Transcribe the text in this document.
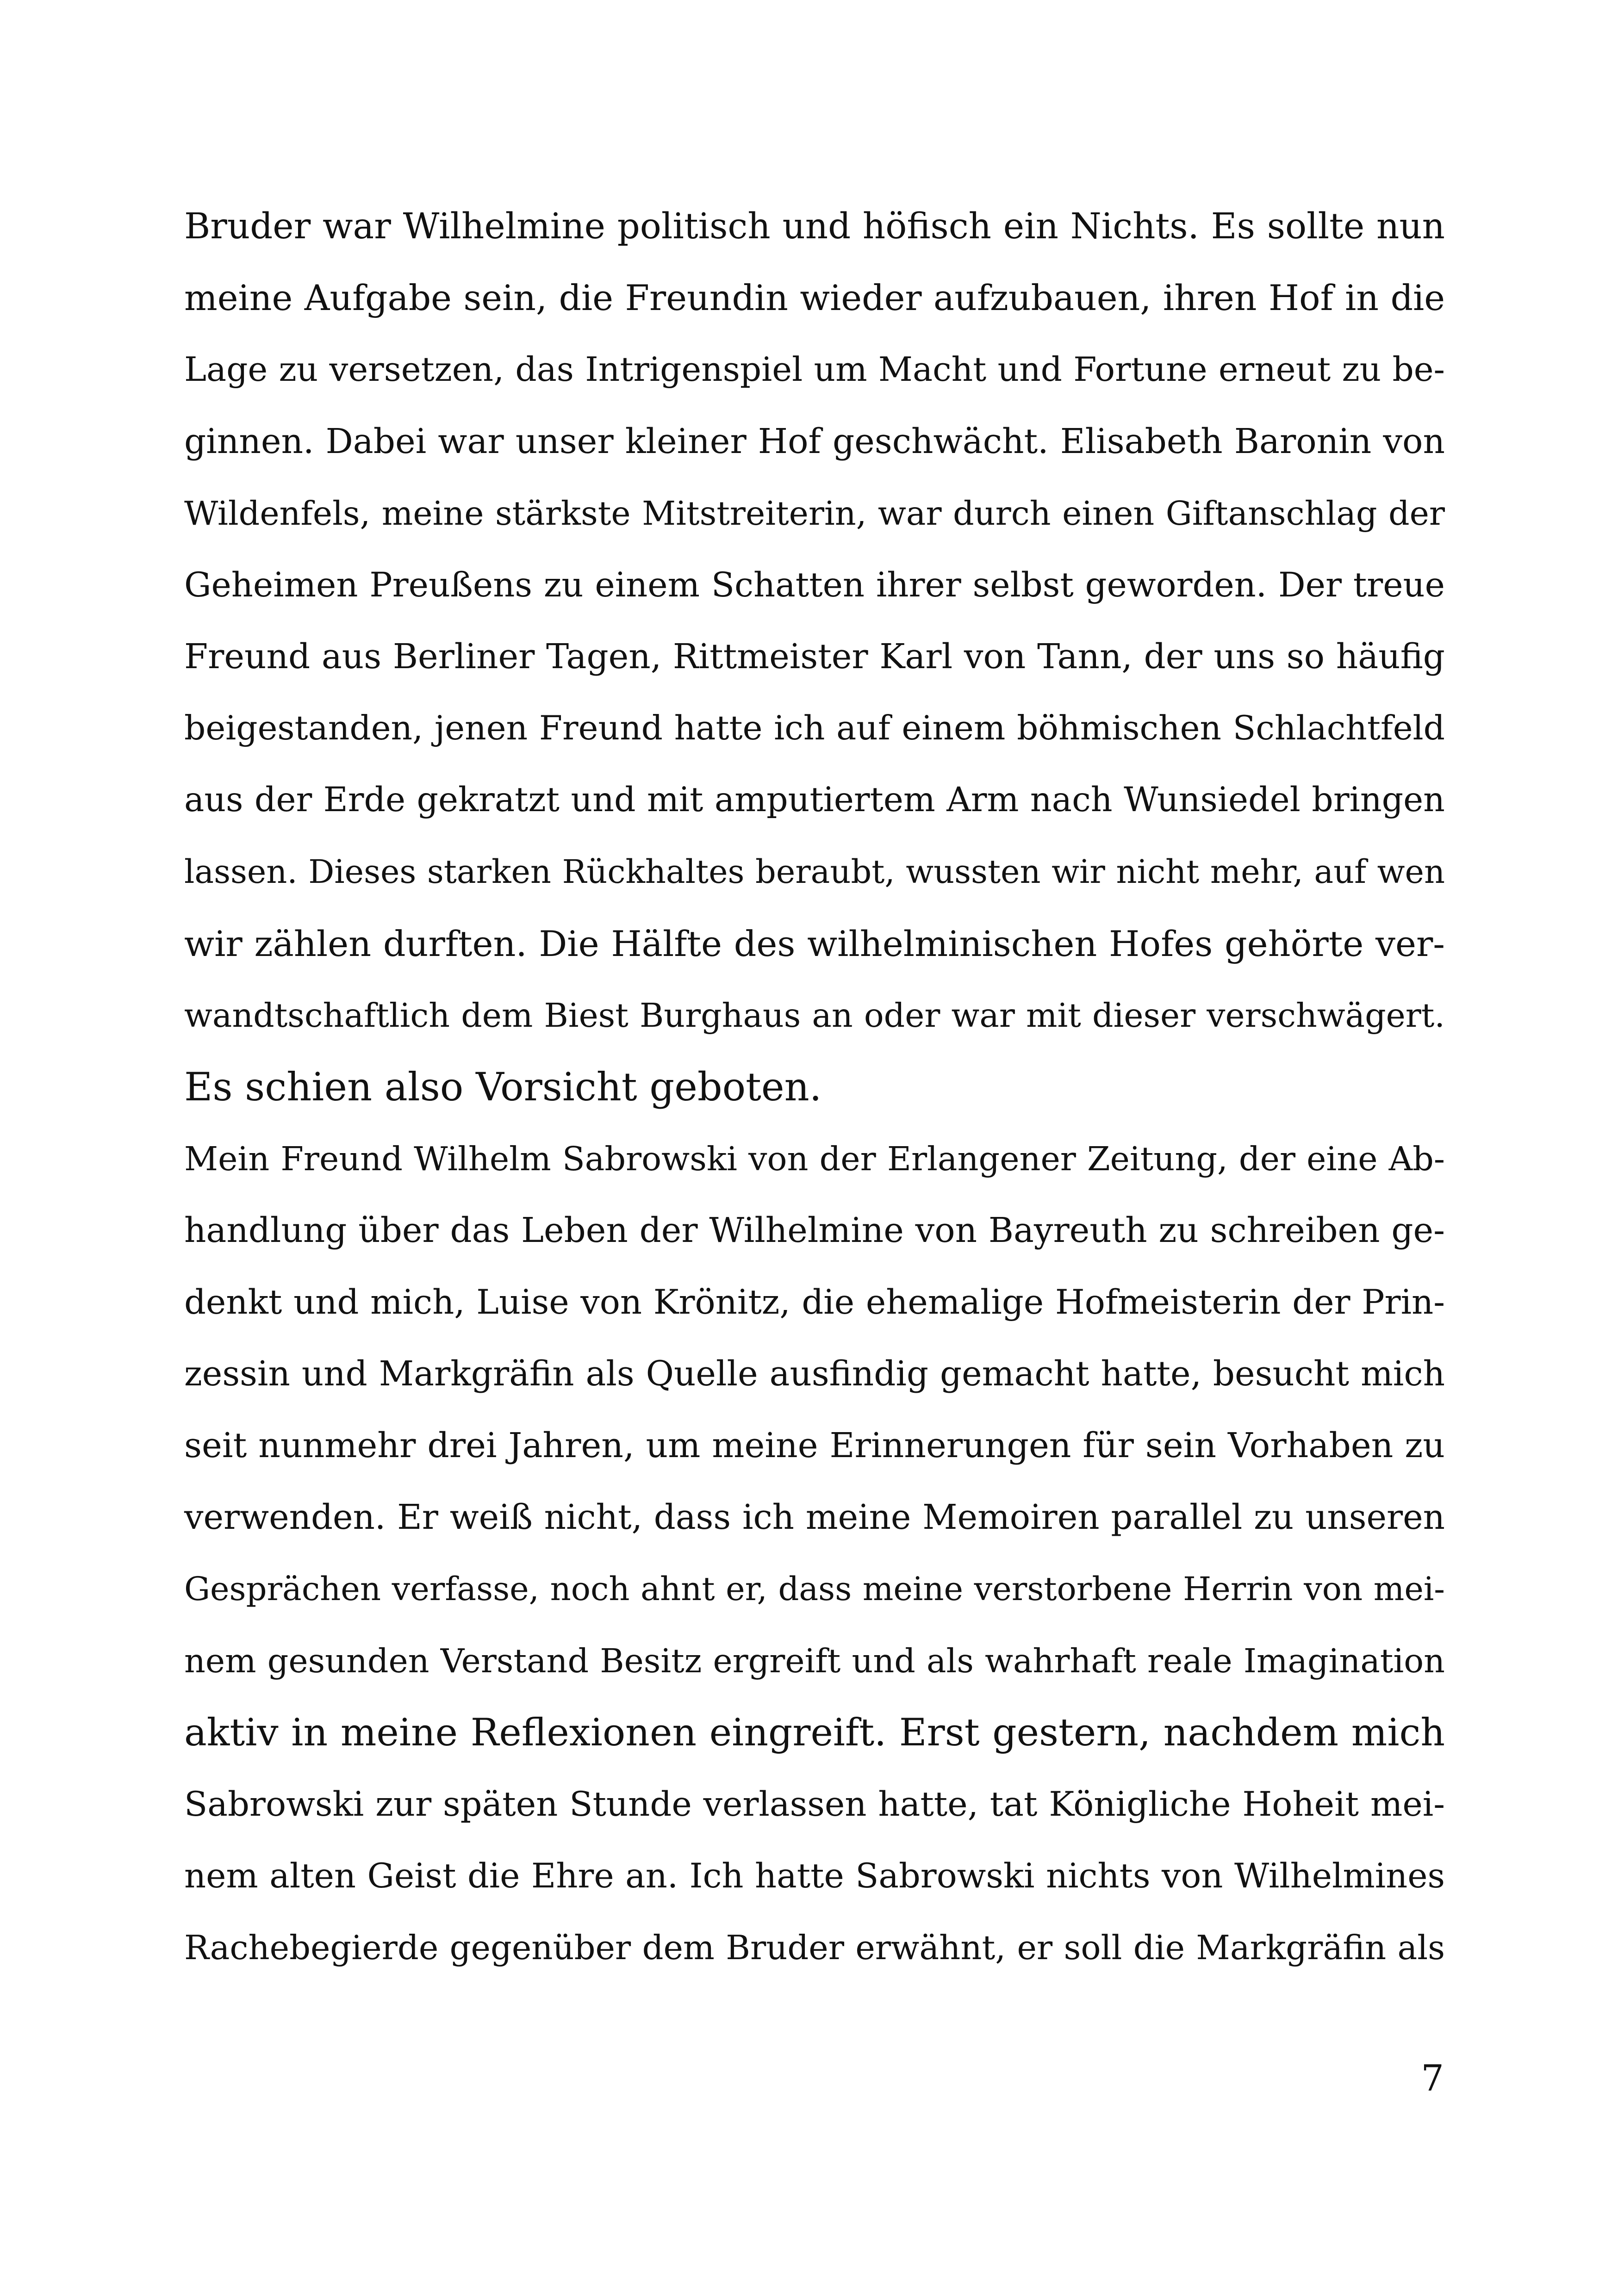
Bruder war Wilhelmine politisch und höfisch ein Nichts. Es sollte nun
meine Aufgabe sein, die Freundin wieder aufzubauen, ihren Hof in die
Lage zu versetzen, das Intrigenspiel um Macht und Fortune erneut zu be-
ginnen. Dabei war unser kleiner Hof geschwächt. Elisabeth Baronin von
Wildenfels, meine stärkste Mitstreiterin, war durch einen Giftanschlag der
Geheimen Preußens zu einem Schatten ihrer selbst geworden. Der treue
Freund aus Berliner Tagen, Rittmeister Karl von Tann, der uns so häufig
beigestanden, jenen Freund hatte ich auf einem böhmischen Schlachtfeld
aus der Erde gekratzt und mit amputiertem Arm nach Wunsiedel bringen
lassen. Dieses starken Rückhaltes beraubt, wussten wir nicht mehr, auf wen
wir zählen durften. Die Hälfte des wilhelminischen Hofes gehörte ver-
wandtschaftlich dem Biest Burghaus an oder war mit dieser verschwägert.
Es schien also Vorsicht geboten.
Mein Freund Wilhelm Sabrowski von der Erlangener Zeitung, der eine Ab-
handlung über das Leben der Wilhelmine von Bayreuth zu schreiben ge-
denkt und mich, Luise von Krönitz, die ehemalige Hofmeisterin der Prin-
zessin und Markgräfin als Quelle ausfindig gemacht hatte, besucht mich
seit nunmehr drei Jahren, um meine Erinnerungen für sein Vorhaben zu
verwenden. Er weiß nicht, dass ich meine Memoiren parallel zu unseren
Gesprächen verfasse, noch ahnt er, dass meine verstorbene Herrin von mei-
nem gesunden Verstand Besitz ergreift und als wahrhaft reale Imagination
aktiv in meine Reflexionen eingreift. Erst gestern, nachdem mich
Sabrowski zur späten Stunde verlassen hatte, tat Königliche Hoheit mei-
nem alten Geist die Ehre an. Ich hatte Sabrowski nichts von Wilhelmines
Rachebegierde gegenüber dem Bruder erwähnt, er soll die Markgräfin als
7
